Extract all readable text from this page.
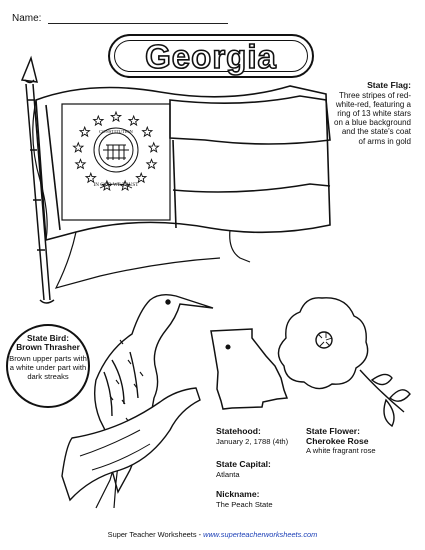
Name:
Georgia
CONSTITUTION
IN GOD WE TRUST
State Flag:
Three stripes of red-white-red, featuring a ring of 13 white stars on a blue background and the state's coat of arms in gold
State Bird:
Brown Thrasher
Brown upper parts with a white under part with dark streaks
Statehood:
January 2, 1788 (4th)
State Capital:
Atlanta
Nickname:
The Peach State
State Flower:
Cherokee Rose
A white fragrant rose
Super Teacher Worksheets - www.superteacherworksheets.com
